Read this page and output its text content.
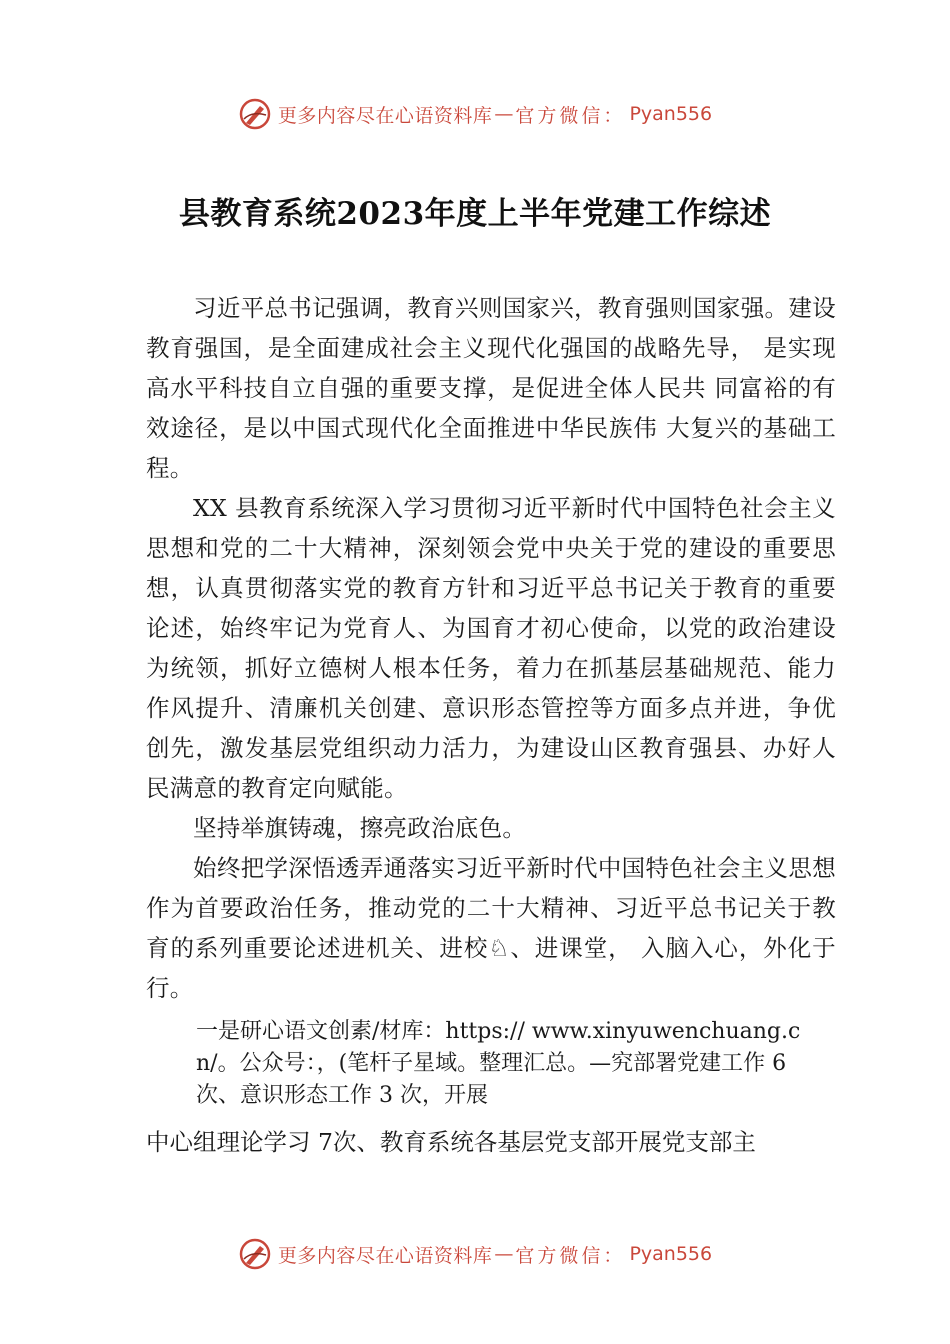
更多内容尽在心语资料库 — 官方微信： Pyan556
县教育系统2023年度上半年党建工作综述

习近平总书记强调，教育兴则国家兴，教育强则国家强。建设教育强国，是全面建成社会主义现代化强国的战略先导， 是实现高水平科技自立自强的重要支撑，是促进全体人民共 同富裕的有效途径，是以中国式现代化全面推进中华民族伟 大复兴的基础工程。

XX 县教育系统深入学习贯彻习近平新时代中国特色社会主义思想和党的二十大精神，深刻领会党中央关于党的建设的重要思想，认真贯彻落实党的教育方针和习近平总书记关于教育的重要论述，始终牢记为党育人、为国育才初心使命，以党的政治建设为统领，抓好立德树人根本任务，着力在抓基层基础规范、能力作风提升、清廉机关创建、意识形态管控等方面多点并进，争优创先，激发基层党组织动力活力，为建设山区教育强县、办好人民满意的教育定向赋能。

坚持举旗铸魂，擦亮政治底色。

始终把学深悟透弄通落实习近平新时代中国特色社会主义思想作为首要政治任务，推动党的二十大精神、习近平总书记关于教育的系列重要论述进机关、进校♘、进课堂， 入脑入心，外化于行。

一是研心语文创素/材库：https:// www.xinyuwenchuang.cn/。公众号：，(笔杆子星域。整理汇总。—究部署党建工作 6 次、意识形态工作 3 次，开展

中心组理论学习 7次、教育系统各基层党支部开展党支部主

更多内容尽在心语资料库 — 官方微信： Pyan556
